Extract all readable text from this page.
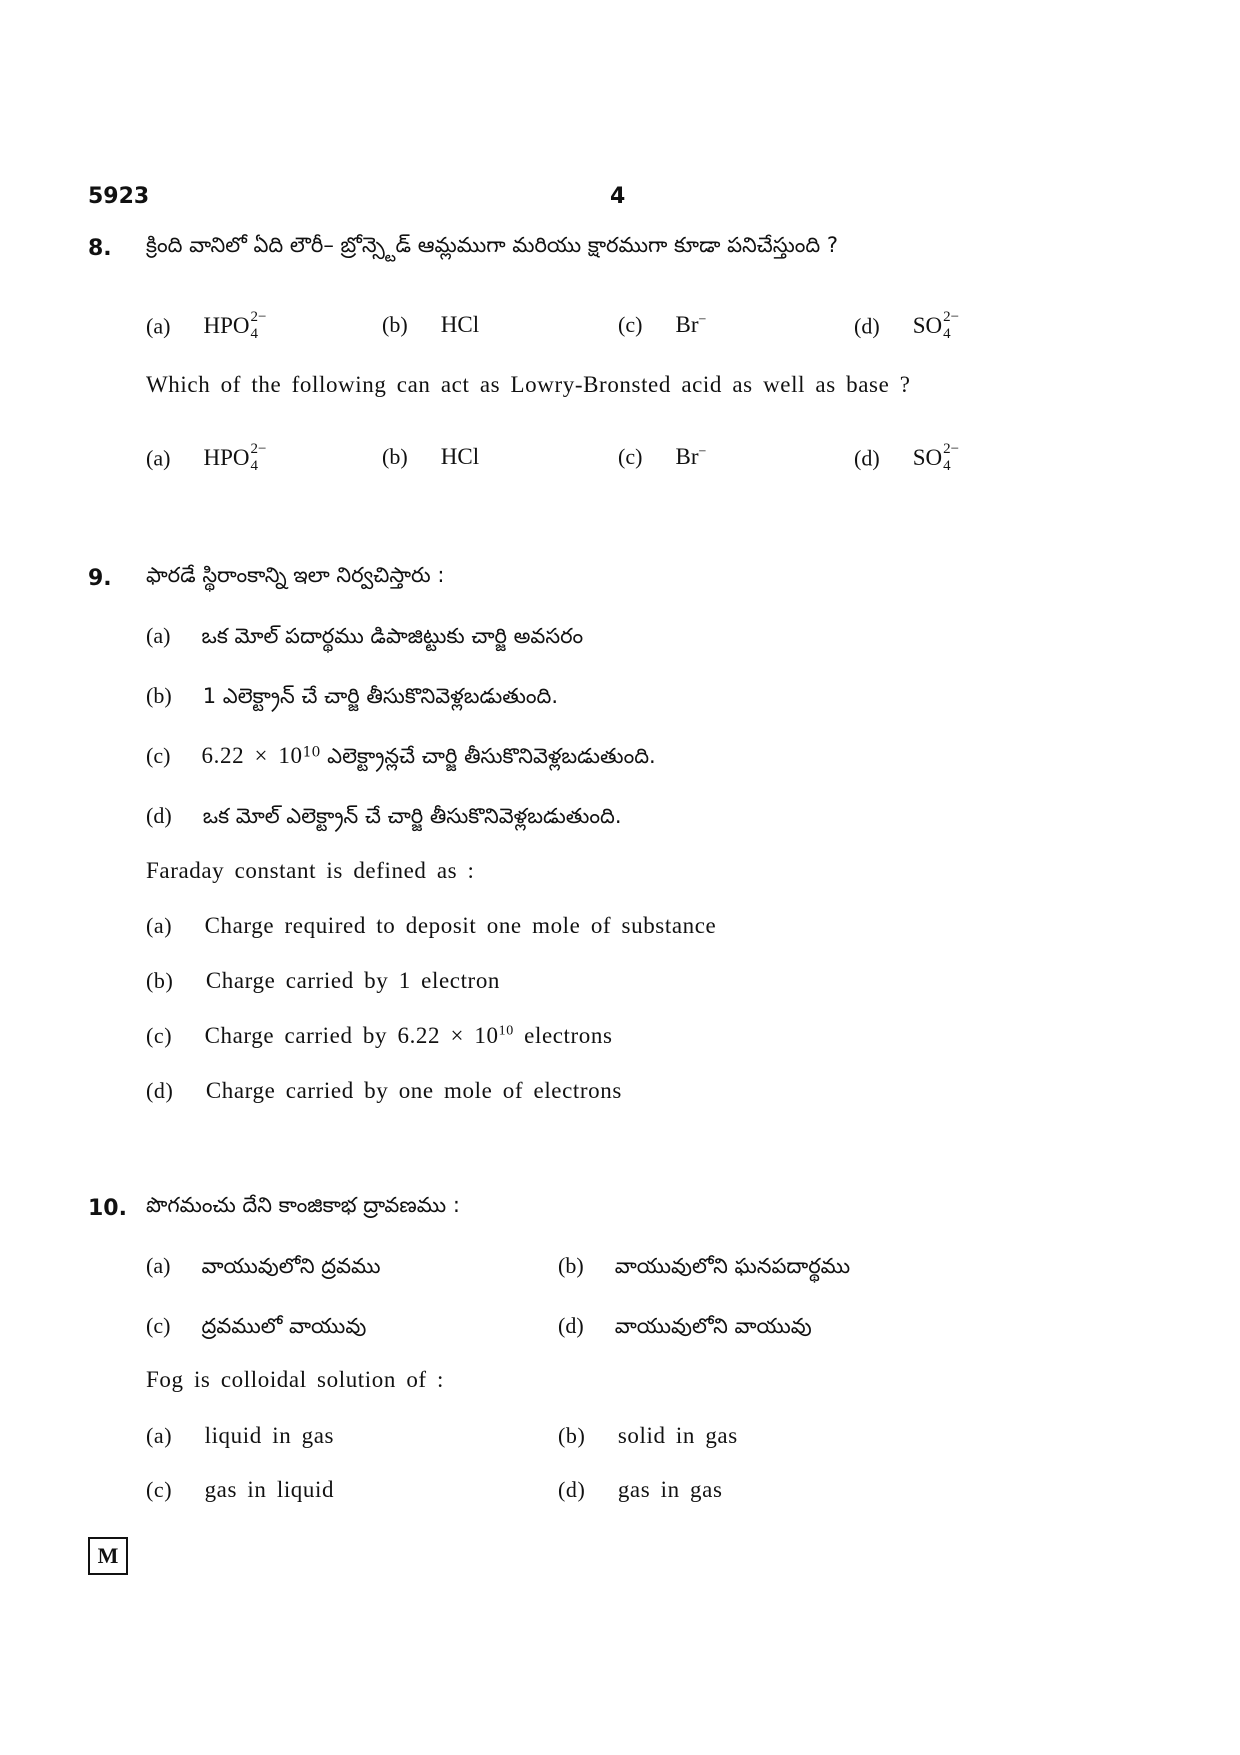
5923	4
8. క్రింది వానిలో ఏది లౌరీ– బ్రోన్స్టెడ్ ఆమ్లముగా మరియు క్షారముగా కూడా పనిచేస్తుంది ?
(a) HPO 2−
4	(b) HCl	(c) Br−	(d) SO 2−
4
Which of the following can act as Lowry-Bronsted acid as well as base ?
(a) HPO 2−
4	(b) HCl	(c) Br−	(d) SO 2−
4
9. ఫారడే స్థిరాంకాన్ని ఇలా నిర్వచిస్తారు :
(a) ఒక మోల్ పదార్థము డిపాజిట్టుకు చార్జి అవసరం
(b) 1 ఎలెక్ట్రాన్ చే చార్జి తీసుకొనివెళ్లబడుతుంది.
(c) $6.22 \times 10^{10}$ ఎలెక్ట్రాన్లచే చార్జి తీసుకొనివెళ్లబడుతుంది.
(d) ఒక మోల్ ఎలెక్ట్రాన్ చే చార్జి తీసుకొనివెళ్లబడుతుంది.
Faraday constant is defined as :
(a) Charge required to deposit one mole of substance
(b) Charge carried by 1 electron
(c) Charge carried by $6.22 \times 10^{10}$ electrons
(d) Charge carried by one mole of electrons
10. పొగమంచు దేని కాంజికాభ ద్రావణము :
(a) వాయువులోని ద్రవము	(b) వాయువులోని ఘనపదార్థము
(c) ద్రవములో వాయువు	(d) వాయువులోని వాయువు
Fog is colloidal solution of :
(a) liquid in gas	(b) solid in gas
(c) gas in liquid	(d) gas in gas
M
